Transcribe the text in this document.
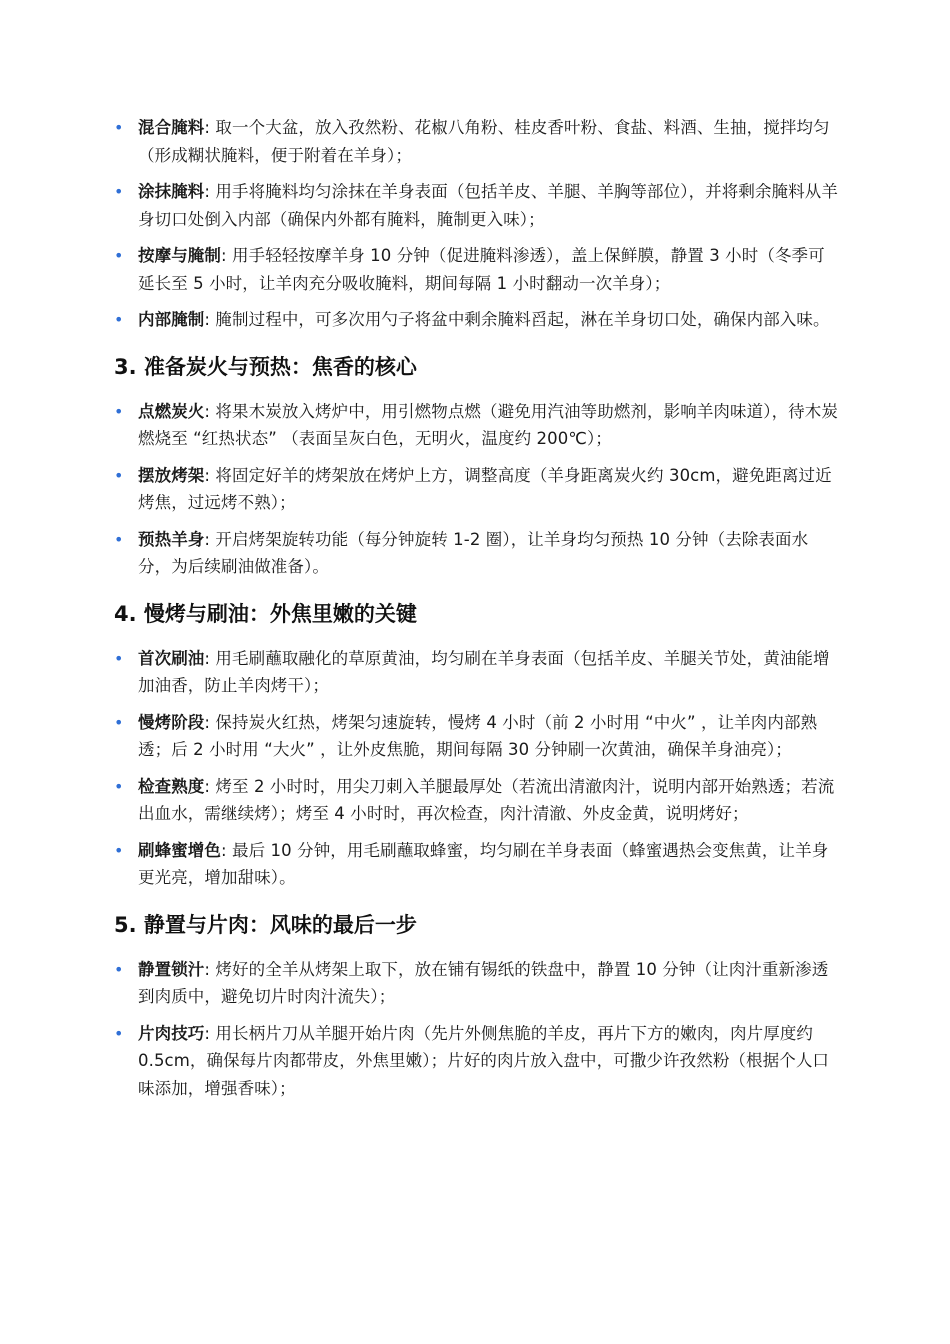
• 混合腌料: 取一个大盆，放入孜然粉、花椒八角粉、桂皮香叶粉、食盐、料酒、生抽，搅拌均匀（形成糊状腌料，便于附着在羊身）；
• 涂抹腌料: 用手将腌料均匀涂抹在羊身表面（包括羊皮、羊腿、羊胸等部位），并将剩余腌料从羊身切口处倒入内部（确保内外都有腌料，腌制更入味）；
• 按摩与腌制: 用手轻轻按摩羊身 10 分钟（促进腌料渗透），盖上保鲜膜，静置 3 小时（冬季可延长至 5 小时，让羊肉充分吸收腌料，期间每隔 1 小时翻动一次羊身）；
• 内部腌制: 腌制过程中，可多次用勺子将盆中剩余腌料舀起，淋在羊身切口处，确保内部入味。
3. 准备炭火与预热：焦香的核心
• 点燃炭火: 将果木炭放入烤炉中，用引燃物点燃（避免用汽油等助燃剂，影响羊肉味道），待木炭燃烧至 “红热状态” （表面呈灰白色，无明火，温度约 200℃）；
• 摆放烤架: 将固定好羊的烤架放在烤炉上方，调整高度（羊身距离炭火约 30cm，避免距离过近烤焦，过远烤不熟）；
• 预热羊身: 开启烤架旋转功能（每分钟旋转 1-2 圈），让羊身均匀预热 10 分钟（去除表面水分，为后续刷油做准备）。
4. 慢烤与刷油：外焦里嫩的关键
• 首次刷油: 用毛刷蘸取融化的草原黄油，均匀刷在羊身表面（包括羊皮、羊腿关节处，黄油能增加油香，防止羊肉烤干）；
• 慢烤阶段: 保持炭火红热，烤架匀速旋转，慢烤 4 小时（前 2 小时用 “中火” ，让羊肉内部熟透；后 2 小时用 “大火” ，让外皮焦脆，期间每隔 30 分钟刷一次黄油，确保羊身油亮）；
• 检查熟度: 烤至 2 小时时，用尖刀刺入羊腿最厚处（若流出清澈肉汁，说明内部开始熟透；若流出血水，需继续烤）；烤至 4 小时时，再次检查，肉汁清澈、外皮金黄，说明烤好；
• 刷蜂蜜增色: 最后 10 分钟，用毛刷蘸取蜂蜜，均匀刷在羊身表面（蜂蜜遇热会变焦黄，让羊身更光亮，增加甜味）。
5. 静置与片肉：风味的最后一步
• 静置锁汁: 烤好的全羊从烤架上取下，放在铺有锡纸的铁盘中，静置 10 分钟（让肉汁重新渗透到肉质中，避免切片时肉汁流失）；
• 片肉技巧: 用长柄片刀从羊腿开始片肉（先片外侧焦脆的羊皮，再片下方的嫩肉，肉片厚度约 0.5cm，确保每片肉都带皮，外焦里嫩）；片好的肉片放入盘中，可撒少许孜然粉（根据个人口味添加，增强香味）；
